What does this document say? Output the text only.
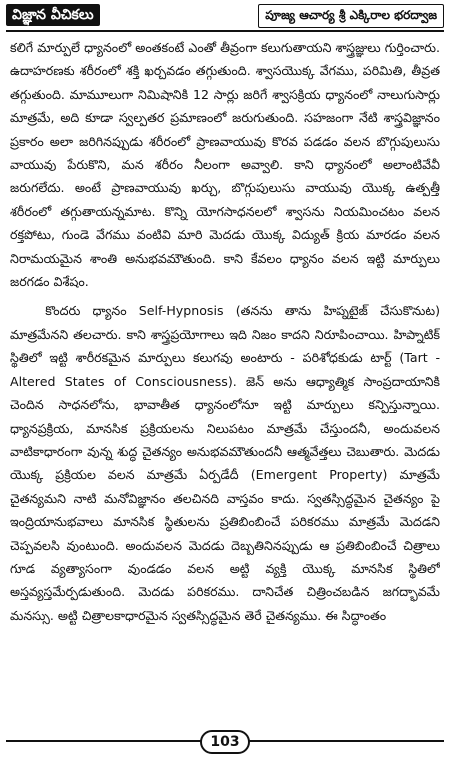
విజ్ఞాన వీచికలు	పూజ్య ఆచార్య శ్రీ ఎక్కిరాల భరద్వాజ

కలిగే మార్పులే ధ్యానంలో అంతకంటే ఎంతో తీవ్రంగా కలుగుతాయని శాస్త్రజ్ఞులు గుర్తించారు. ఉదాహరణకు శరీరంలో శక్తి ఖర్చవడం తగ్గుతుంది. శ్వాసయొక్క వేగము, పరిమితి, తీవ్రత తగ్గుతుంది. మామూలుగా నిమిషానికి 12 సార్లు జరిగే శ్వాసక్రియ ధ్యానంలో నాలుగుసార్లు మాత్రమే, అది కూడా స్వల్పతర ప్రమాణంలో జరుగుతుంది. సహజంగా నేటి శాస్త్రవిజ్ఞానం ప్రకారం అలా జరిగినప్పుడు శరీరంలో ప్రాణవాయువు కొరవ పడడం వలన బొగ్గుపులుసు వాయువు పేరుకొని, మన శరీరం నీలంగా అవ్వాలి. కాని ధ్యానంలో అలాంటివేవీ జరుగలేదు. అంటే ప్రాణవాయువు ఖర్చు, బొగ్గుపులుసు వాయువు యొక్క ఉత్పత్తీ శరీరంలో తగ్గుతాయన్నమాట. కొన్ని యోగసాధనలలో శ్వాసను నియమించటం వలన రక్తపోటు, గుండె వేగము వంటివి మారి మెదడు యొక్క విద్యుత్ క్రియ మారడం వలన నిరామయమైన శాంతి అనుభవమౌతుంది. కాని కేవలం ధ్యానం వలన ఇట్టి మార్పులు జరగడం విశేషం.

కొందరు ధ్యానం Self-Hypnosis (తనను తాను హిప్నటైజ్ చేసుకొనుట) మాత్రమేనని తలచారు. కాని శాస్త్రప్రయోగాలు ఇది నిజం కాదని నిరూపించాయి. హిప్నాటిక్ స్థితిలో ఇట్టి శారీరకమైన మార్పులు కలుగవు అంటారు - పరిశోధకుడు టార్ట్ (Tart - Altered States of Consciousness). జెన్ అను ఆధ్యాత్మిక సాంప్రదాయానికి చెందిన సాధనలోను, భావాతీత ధ్యానంలోనూ ఇట్టి మార్పులు కన్పిస్తున్నాయి. ధ్యానప్రక్రియ, మానసిక ప్రక్రియలను నిలుపటం మాత్రమే చేస్తుందనీ, అందువలన వాటికాధారంగా వున్న శుద్ధ చైతన్యం అనుభవమౌతుందనీ ఆత్మవేత్తలు చెబుతారు. మెదడు యొక్క ప్రక్రియల వలన మాత్రమే ఏర్పడేదీ (Emergent Property) మాత్రమే చైతన్యమని నాటి మనోవిజ్ఞానం తలచినది వాస్తవం కాదు. స్వతస్సిద్ధమైన చైతన్యం పై ఇంద్రియానుభవాలు మానసిక స్థితులను ప్రతిబింబించే పరికరము మాత్రమే మెదడని చెప్పవలసి వుంటుంది. అందువలన మెదడు దెబ్బతినినప్పుడు ఆ ప్రతిబింబించే చిత్రాలు గూడ వ్యత్యాసంగా వుండడం వలన అట్టి వ్యక్తి యొక్క మానసిక స్థితిలో అస్తవ్యస్తమేర్పడుతుంది. మెదడు పరికరము. దానిచేత చిత్రించబడిన జగద్భావమే మనస్సు. అట్టి చిత్రాలకాధారమైన స్వతస్సిద్ధమైన తెరే చైతన్యము. ఈ సిద్ధాంతం

103
